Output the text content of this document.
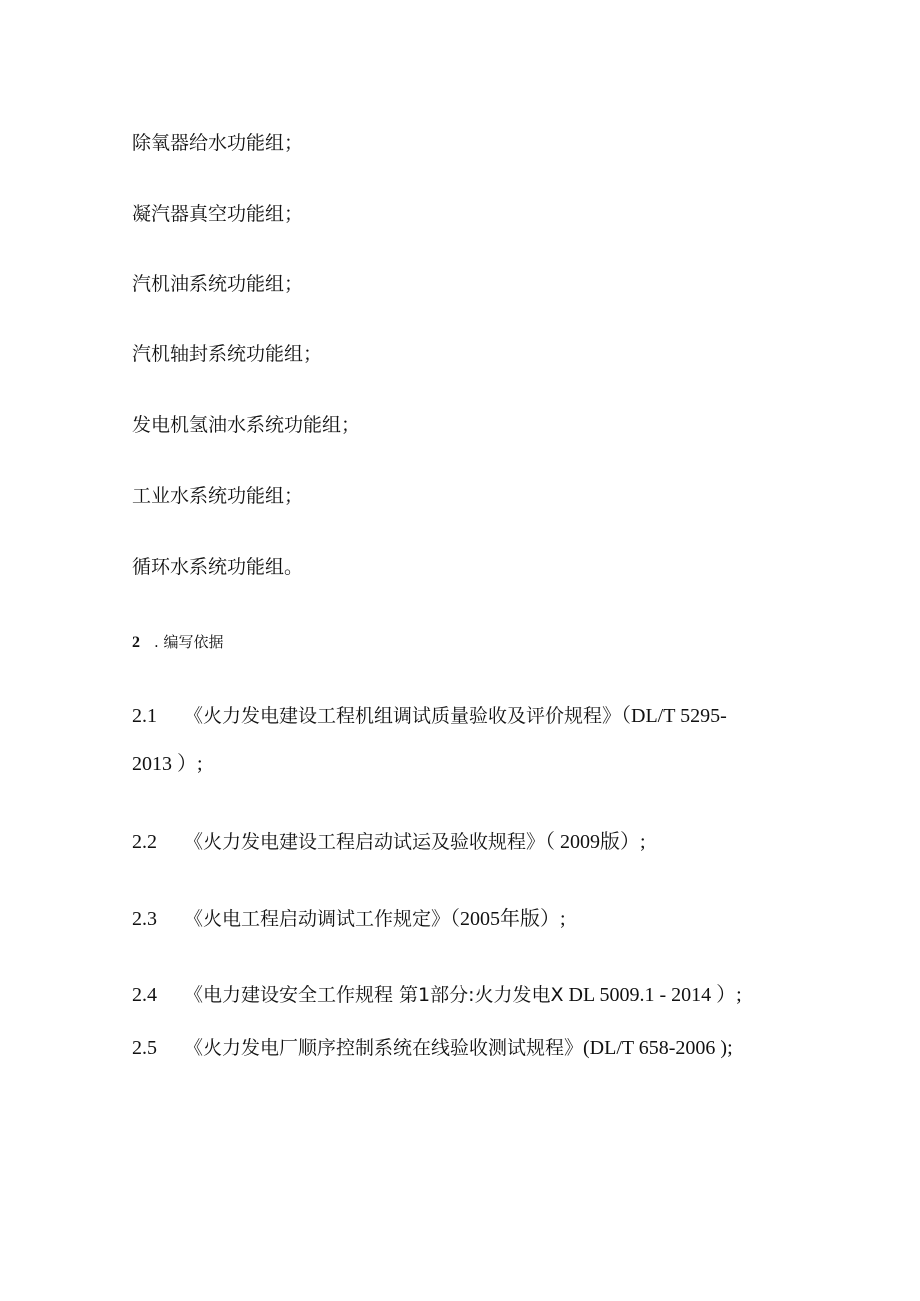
除氧器给水功能组；
凝汽器真空功能组；
汽机油系统功能组；
汽机轴封系统功能组；
发电机氢油水系统功能组；
工业水系统功能组；
循环水系统功能组。
2 . 编写依据
2.1 《火力发电建设工程机组调试质量验收及评价规程》（DL/T 5295-
2013 ）;
2.2 《火力发电建设工程启动试运及验收规程》（ 2009版）;
2.3 《火电工程启动调试工作规定》（2005年版）;
2.4 《电力建设安全工作规程 第1部分:火力发电X DL 5009.1 - 2014 ）;
2.5 《火力发电厂顺序控制系统在线验收测试规程》(DL/T 658-2006 );
